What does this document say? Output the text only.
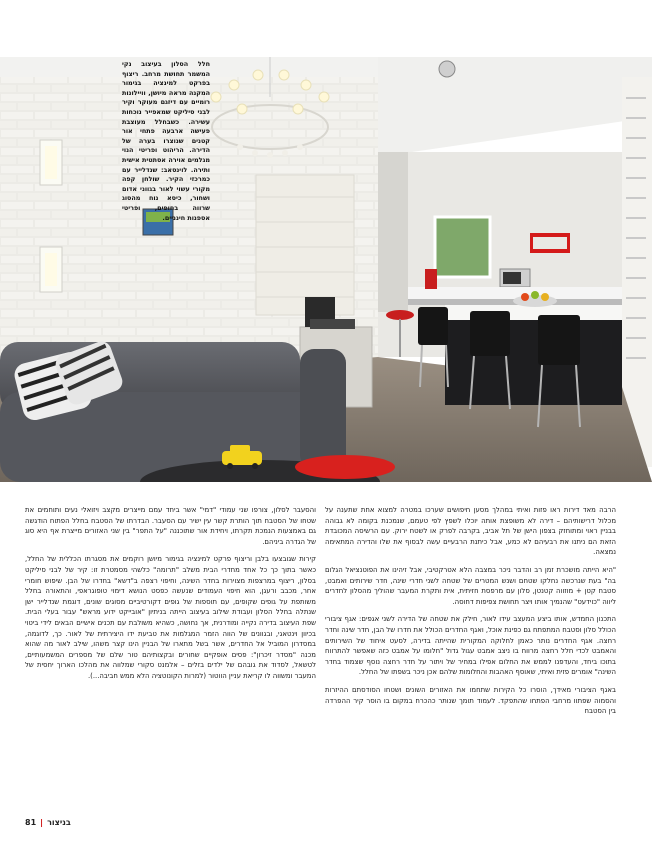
חלל הסלון בעיצוב נקי המשמר תחושת מרחב. ריצוף בפרקט למינציה בגימור המקנה מראה מיושן, וויילונות רומיים עם דיזגם מעוקר וקיר לבני סיליקט שמאפייר נוכחות עשירה. כשבחלל מעוצבת פעישה ארבעה פתחי אור קטנים שנוצרו בערה של הדירה. הריהוט ופריטי הנוי מגלמים אוירה אסתטית אישית ותירה. לוינסאב: שנדלייר עם כמרכזי הקיר. שולחן קפה מקורי עשוי לאור בגווני אדום ושחור, כיסא נוח מהסוג שרווה בחופים, ופריטי אספנות חינניים.

הרבה מאד דירות ראו פזות ואיתי במהלך מסען חיפושים שערכו במטרה למצוא אחת שתענה על מכלול דרישותיהם – דירה לא משופצת אותה יוכלו לשפץ לפי טעמם, שנמכנת בקומה לא גבוהה בבניין ראוי ומתוחזק בצפון הישן של תל אביב, בקרבה לפרק או לשטח ירוק. עם הרשיסה המכובדת הזאת הם ניתנו את רבעיהם לא כמע, אבל כיתנת הרבעיים עשה לבסוף את שלו והדירה המתאימה נמצאה.

"היא הייתה מושכרת זמן רב והדבר ניכר במצבה הלא אטרקטיבי, אבל זיהינו את הפוטנציאל הגלום בה" בעת שנרכשה נחלקו שטחם ושנש המטרים של שטחה לשני חדרי שינה, חדר שירותים ואמבט, סטבח קטן + מוזווה קטנטן, סלון עם מרפסת חזיתית, אית ותקרת המעבר שהוליך מהסלון לחדרים ליווה "כוידעט" שהנמיך אותו ויצר תחושת צפיפות דחוסה.

התכנון החמדש, אותו ביצע המעצב עידו לאור, חילק את שטחה של הדירה לשני אגפים: אגף ציבורי הכולל סלון וסטבח המתפתח גם כפינת אוכל, ואגף החדרים הכולל את חדרו של הבן, חדר שינה וחדר רחצה. אגף החדרים נותר כאמן לחלוקה המקורית שהייתה בדירה, לסעט איחוד של השירותים והאמבט לכדי חלל רחצה מרווח בו ניצב אמבט עגול גדול "חלומו על אמבט כזה שאפשר להתרווח בתוכו ביחד, והעדפנו לממש את החלום אפילו במחיר של ויתור על חדר רחצה נוסף שצמוד בחדר השינה" אומרים פזית ואיתי, שאוסף האהבות והחלומות שלהם אכן ניכר בשפתו של החלל.

באגף הציבורי מאידך, הוסרו כל הקירות שתחמו את האזורים השונים ושטחו הסודסתם ההיזרות והסמוה שפתוו מרחבי הפתחו שהתפקד. לעמוד תומך שנותר כהכרח במקום בו הוסר קיר ההפרדה בין הסטבח

והסעבר לסלון, צורפו שני עמודי "דמי" אשר ביחד עמם מייצרים מקצב ויזואלי נעים ותוחמים את שטחו של הסטבח תוך הותרת קשר עין ישיר עם הסעבר. הבדרתו של הסטבח בחלל הפתוח הודגשה גם באמצעות הנמכת תקרתו, ויחידת אור שתוכננה "על התפר" בין שני האזורים מייצרת אף היא סוג של הגדרה ביניהם.

קירות שגובצעו בלבן וריצוף פרקט למינציה בגימור מיושן רוקמים את מסגרתו הכללית של החלל, כאשר בתוך כך כל אחד מחדרי הבית משלב "תרומה" כלשהי מסמטרת זו: קיר של לבני סיליקט בסלון, ריצוף במרצפות מצוירות בחדר השינה, וחיפוי רצפה ב"דשא" בחדרו של הבן. שיפוש חומרי אחר, מכבב ורעגן, הוא חיפוי העמודים שנעשה כפסט הנושא דימוי טופוגראפי, והתאורה בחלל משותפת על גופים שקופים, עם תוספות של גופים דקורטיביים מסוגים שונים, דוגמת שנדלייר ישן שנתלה בחלל הסלון ועבודת שילוב בעיצוב הייתה בניתיון "אובייקט ידוע מראש" עבור בעלי הבית. שפת העיצוב בדירה נקייה ומודרנית, אך נחושה, כשהיא משולבת עם תכנים אישיים הבאים לידי ביטוי בכיוון וינטאגי, ובגוונים של הווה הזמר המגלמות את טביעת ידו היצירתית של לאור. כך, לדוגמה, במסדרון המוביל אל החדרים, אשר בשל מתארו של הבניין הינו קצר משהו, שילב לאור מה שהוא מכנה "מסדר זיכרון": פסים אופקיים שחורים ובקצותיהם טור שלם של מספרים המשמעותיים, לטשאל, לסדוד את גובהם של ילדים בזלים – אלמנט סקורי שמלווה את מהלכו הארוך יחסית של המעבר ומשווה לו קריאת עניין הווטור (למרות הקונוטציה הלא ממש חביבה...).

בניצור|81
